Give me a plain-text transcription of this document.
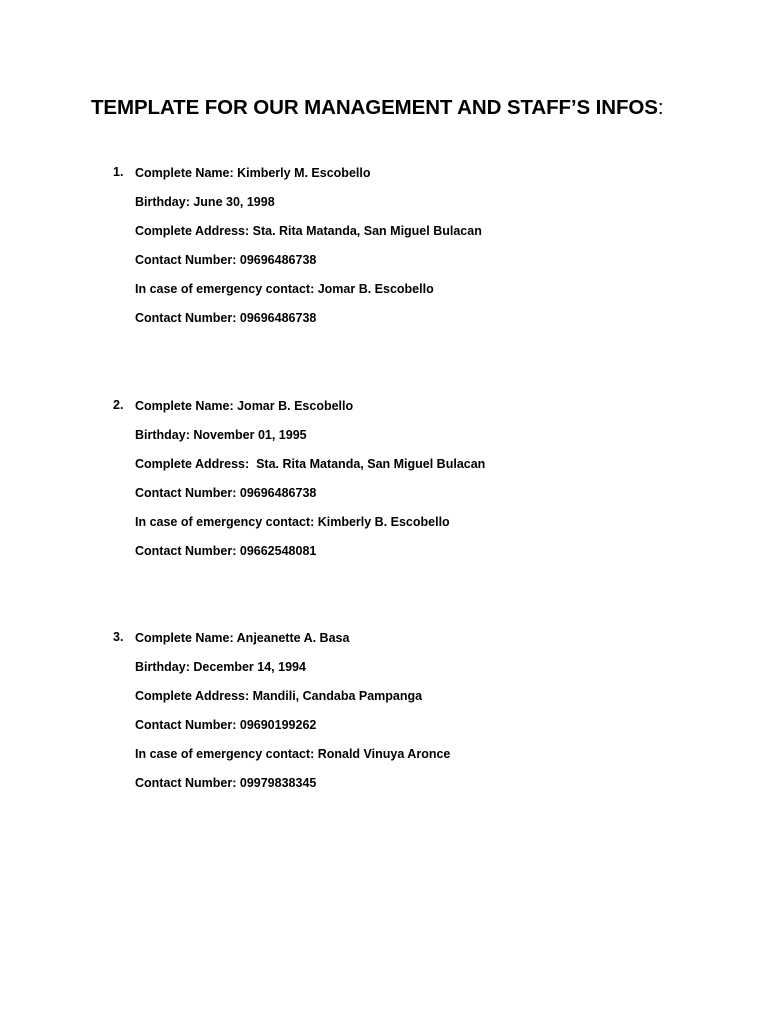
TEMPLATE FOR OUR MANAGEMENT AND STAFF’S INFOS:
1. Complete Name: Kimberly M. Escobello
Birthday: June 30, 1998
Complete Address: Sta. Rita Matanda, San Miguel Bulacan
Contact Number: 09696486738
In case of emergency contact: Jomar B. Escobello
Contact Number: 09696486738
2. Complete Name: Jomar B. Escobello
Birthday: November 01, 1995
Complete Address:  Sta. Rita Matanda, San Miguel Bulacan
Contact Number: 09696486738
In case of emergency contact: Kimberly B. Escobello
Contact Number: 09662548081
3. Complete Name: Anjeanette A. Basa
Birthday: December 14, 1994
Complete Address: Mandili, Candaba Pampanga
Contact Number: 09690199262
In case of emergency contact: Ronald Vinuya Aronce
Contact Number: 09979838345
